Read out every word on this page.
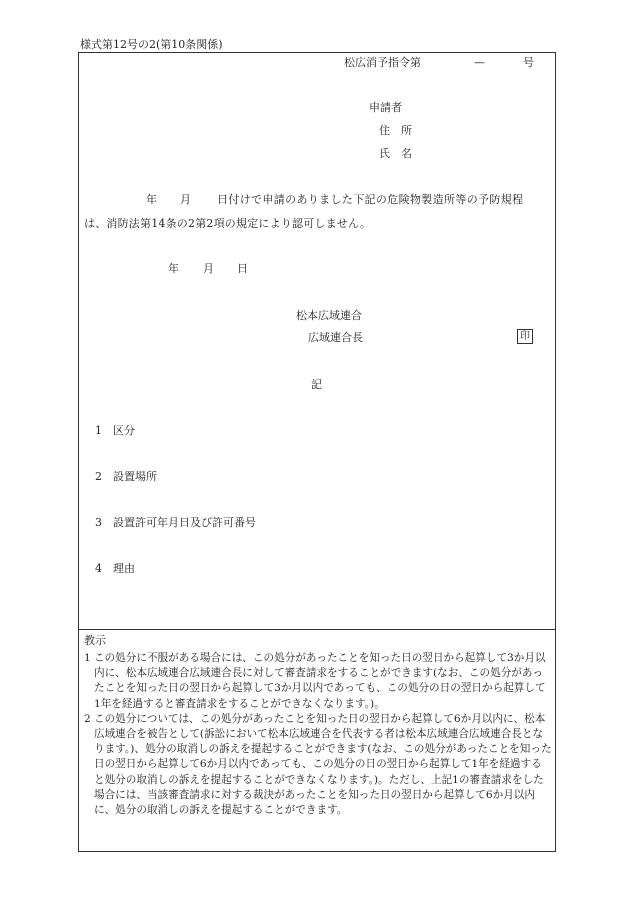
様式第12号の2(第10条関係)
松広消予指令第	—	号
申請者
住　所
氏　名
年 月 日付けで申請のありました下記の危険物製造所等の予防規程
は、消防法第14条の2第2項の規定により認可しません。
年 月 日
松本広域連合
広域連合長	印
記
1 区分
2 設置場所
3 設置許可年月日及び許可番号
4 理由
教示
1 この処分に不服がある場合には、この処分があったことを知った日の翌日から起算して3か月以内に、松本広域連合広域連合長に対して審査請求をすることができます(なお、この処分があったことを知った日の翌日から起算して3か月以内であっても、この処分の日の翌日から起算して1年を経過すると審査請求をすることができなくなります。)。
2 この処分については、この処分があったことを知った日の翌日から起算して6か月以内に、松本広域連合を被告として(訴訟において松本広域連合を代表する者は松本広域連合広域連合長となります。)、処分の取消しの訴えを提起することができます(なお、この処分があったことを知った日の翌日から起算して6か月以内であっても、この処分の日の翌日から起算して1年を経過すると処分の取消しの訴えを提起することができなくなります。)。ただし、上記1の審査請求をした場合には、当該審査請求に対する裁決があったことを知った日の翌日から起算して6か月以内に、処分の取消しの訴えを提起することができます。
